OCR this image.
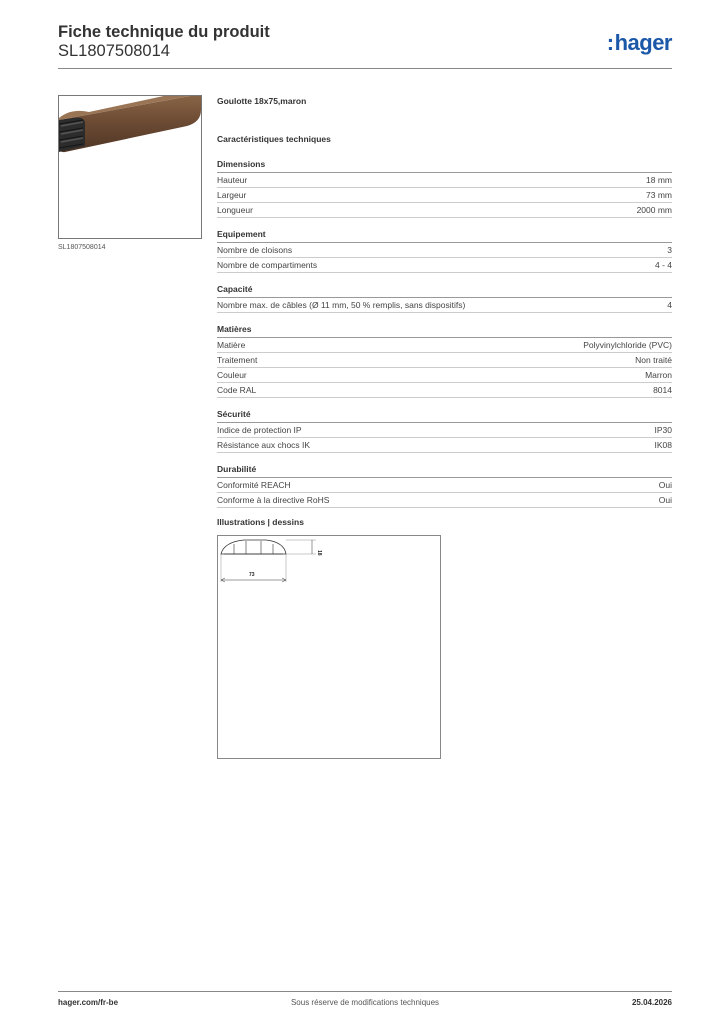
Fiche technique du produit
SL1807508014	:hager
SL1807508014
Goulotte 18x75,maron
Caractéristiques techniques
Dimensions
Hauteur	18 mm
Largeur	73 mm
Longueur	2000 mm
Equipement
Nombre de cloisons	3
Nombre de compartiments	4 - 4
Capacité
Nombre max. de câbles (Ø 11 mm, 50 % remplis, sans dispositifs)	4
Matières
Matière	Polyvinylchloride (PVC)
Traitement	Non traité
Couleur	Marron
Code RAL	8014
Sécurité
Indice de protection IP	IP30
Résistance aux chocs IK	IK08
Durabilité
Conformité REACH	Oui
Conforme à la directive RoHS	Oui
Illustrations | dessins
18
73
hager.com/fr-be	Sous réserve de modifications techniques	25.04.2026
